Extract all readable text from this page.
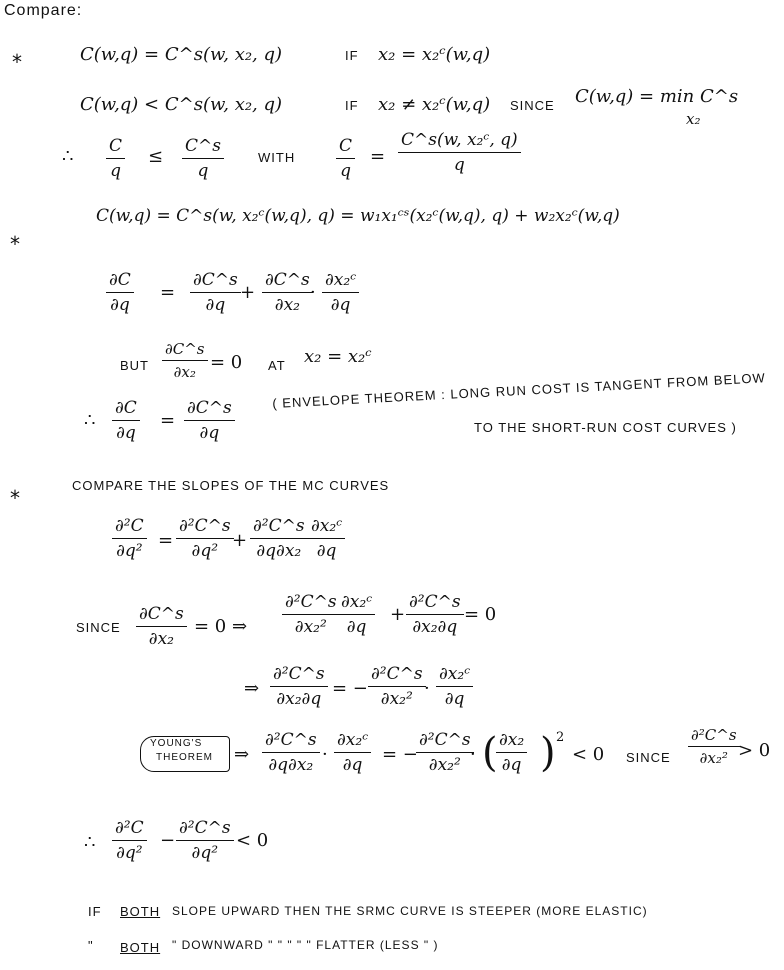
Compare:
*	C(w,q) = C^s(w, x₂, q)	IF x₂ = x₂ᶜ(w,q)
C(w,q) < C^s(w, x₂, q)	IF x₂ ≠ x₂ᶜ(w,q) SINCE C(w,q) = min C^s
x₂
∴ C
q
≤ C^s
q
WITH
C
q
=
C^s(w, x₂ᶜ, q)
q
*
C(w,q) = C^s(w, x₂ᶜ(w,q), q) = w₁x₁ᶜˢ(x₂ᶜ(w,q), q) + w₂x₂ᶜ(w,q)
∂C
∂q
=
∂C^s
∂q
+
∂C^s
∂x₂
·
∂x₂ᶜ
∂q
BUT
∂C^s
∂x₂ = 0 AT x₂ = x₂ᶜ
∴
∂C
∂q
=
∂C^s
∂q
( ENVELOPE THEOREM : LONG RUN COST IS TANGENT FROM BELOW
TO THE SHORT-RUN COST CURVES )
*
COMPARE THE SLOPES OF THE MC CURVES
∂²C
∂q² =
∂²C^s
∂q² +
∂²C^s
∂q∂x₂
∂x₂ᶜ
∂q
SINCE
∂C^s
∂x₂
= 0 ⇒
∂²C^s
∂x₂²
∂x₂ᶜ
∂q
+
∂²C^s
∂x₂∂q
= 0
⇒
∂²C^s
∂x₂∂q = −
∂²C^s
∂x₂² ·
∂x₂ᶜ
∂q
YOUNG'S
THEOREM ⇒
∂²C^s
∂q∂x₂ ·
∂x₂ᶜ
∂q = −
∂²C^s
∂x₂² · ( ∂x₂
∂q ) 2
< 0 SINCE
∂²C^s
∂x₂² > 0
∴
∂²C
∂q²
−
∂²C^s
∂q²
< 0
IF BOTH SLOPE UPWARD THEN THE SRMC CURVE IS STEEPER (MORE ELASTIC)
" BOTH " DOWNWARD " " " " " FLATTER (LESS " )
